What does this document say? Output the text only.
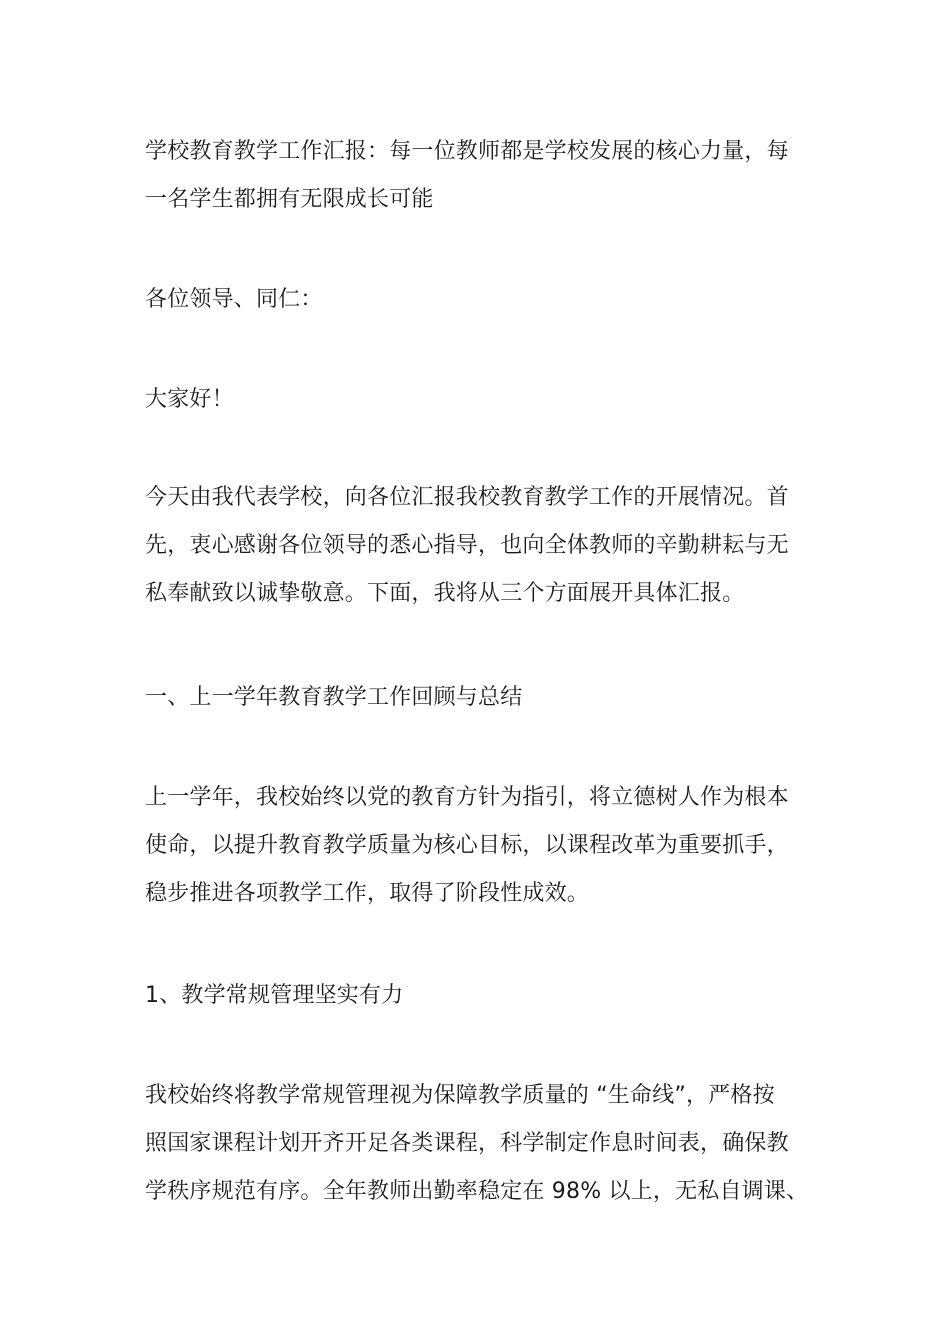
学校教育教学工作汇报：每一位教师都是学校发展的核心力量，每
一名学生都拥有无限成长可能

各位领导、同仁：

大家好！

今天由我代表学校，向各位汇报我校教育教学工作的开展情况。首
先，衷心感谢各位领导的悉心指导，也向全体教师的辛勤耕耘与无
私奉献致以诚挚敬意。下面，我将从三个方面展开具体汇报。

一、上一学年教育教学工作回顾与总结

上一学年，我校始终以党的教育方针为指引，将立德树人作为根本
使命，以提升教育教学质量为核心目标，以课程改革为重要抓手，
稳步推进各项教学工作，取得了阶段性成效。

1、教学常规管理坚实有力

我校始终将教学常规管理视为保障教学质量的 “生命线”，严格按
照国家课程计划开齐开足各类课程，科学制定作息时间表，确保教
学秩序规范有序。全年教师出勤率稳定在 98% 以上，无私自调课、
